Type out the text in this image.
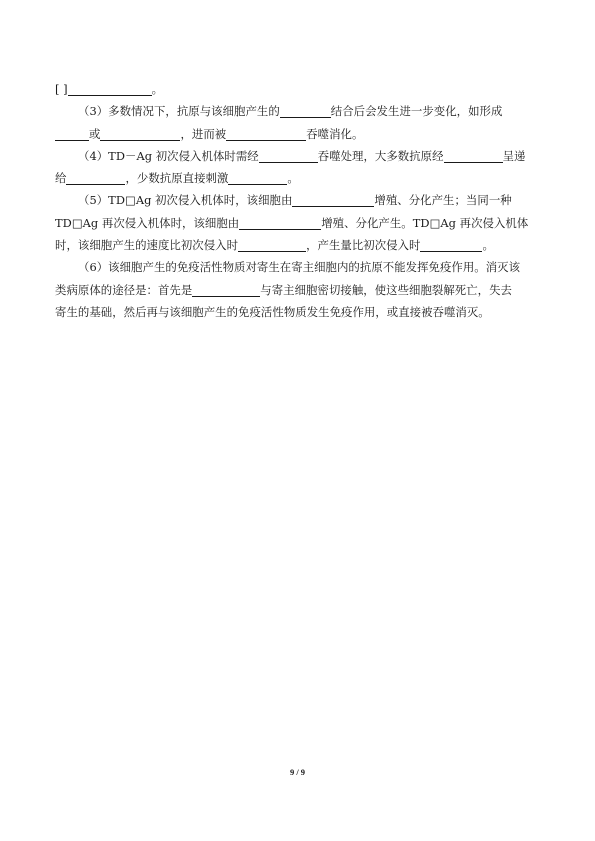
[ ]	。
（3）多数情况下，抗原与该细胞产生的	结合后会发生进一步变化，如形成
或	，进而被	吞噬消化。
（4）TD－Ag 初次侵入机体时需经	吞噬处理，大多数抗原经	呈递
给	，少数抗原直接刺激	。
（5）TD□Ag 初次侵入机体时，该细胞由	增殖、分化产生；当同一种
TD□Ag 再次侵入机体时，该细胞由	增殖、分化产生。TD□Ag 再次侵入机体
时，该细胞产生的速度比初次侵入时	，产生量比初次侵入时	。
（6）该细胞产生的免疫活性物质对寄生在寄主细胞内的抗原不能发挥免疫作用。消灭该
类病原体的途径是：首先是	与寄主细胞密切接触，使这些细胞裂解死亡，失去
寄生的基础，然后再与该细胞产生的免疫活性物质发生免疫作用，或直接被吞噬消灭。
9 / 9
